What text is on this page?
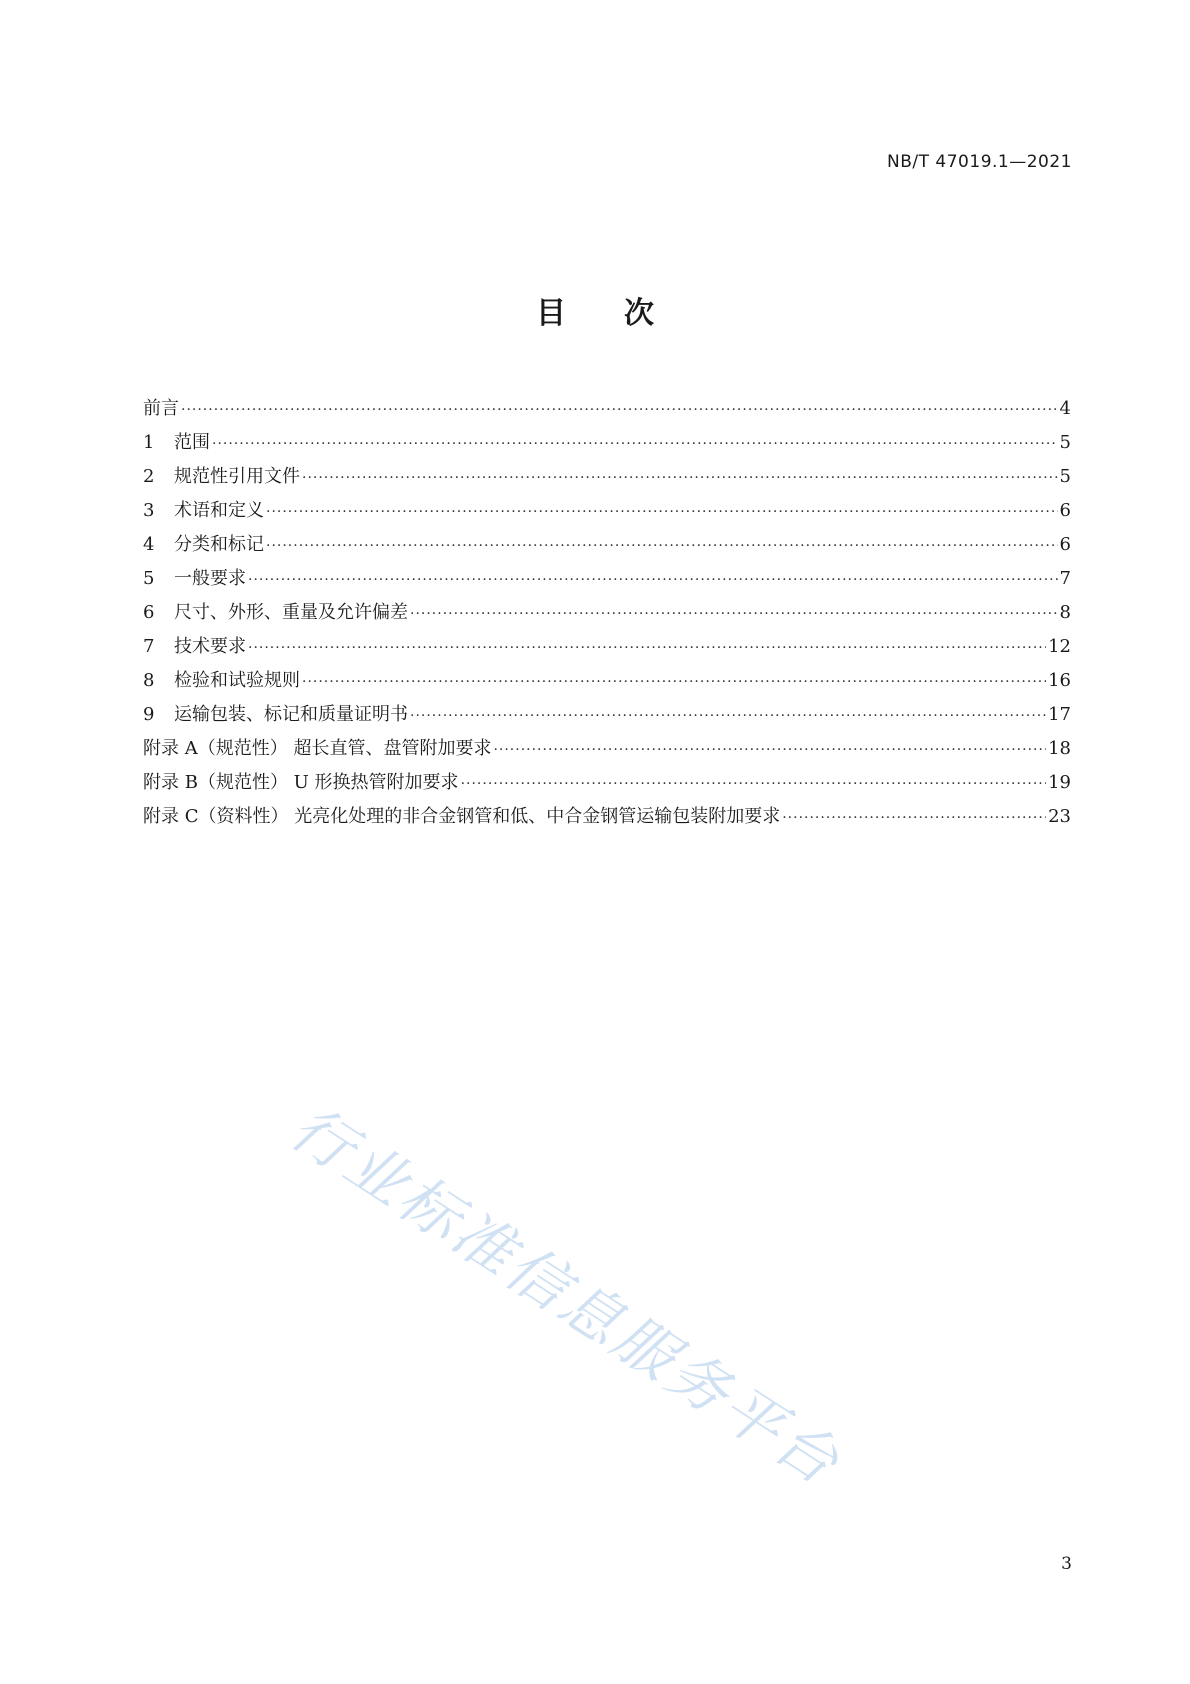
NB/T 47019.1—2021
目次
前言 ·····	4
1	范围 ·····	5
2	规范性引用文件 ·····	5
3	术语和定义 ·····	6
4	分类和标记 ·····	6
5	一般要求 ·····	7
6	尺寸、外形、重量及允许偏差 ·····	8
7	技术要求 ·····	12
8	检验和试验规则 ·····	16
9	运输包装、标记和质量证明书 ·····	17
附录 A（规范性） 超长直管、盘管附加要求 ·····	18
附录 B（规范性） U 形换热管附加要求 ·····	19
附录 C（资料性） 光亮化处理的非合金钢管和低、中合金钢管运输包装附加要求 ·····	23
行业标准信息服务平台
3
